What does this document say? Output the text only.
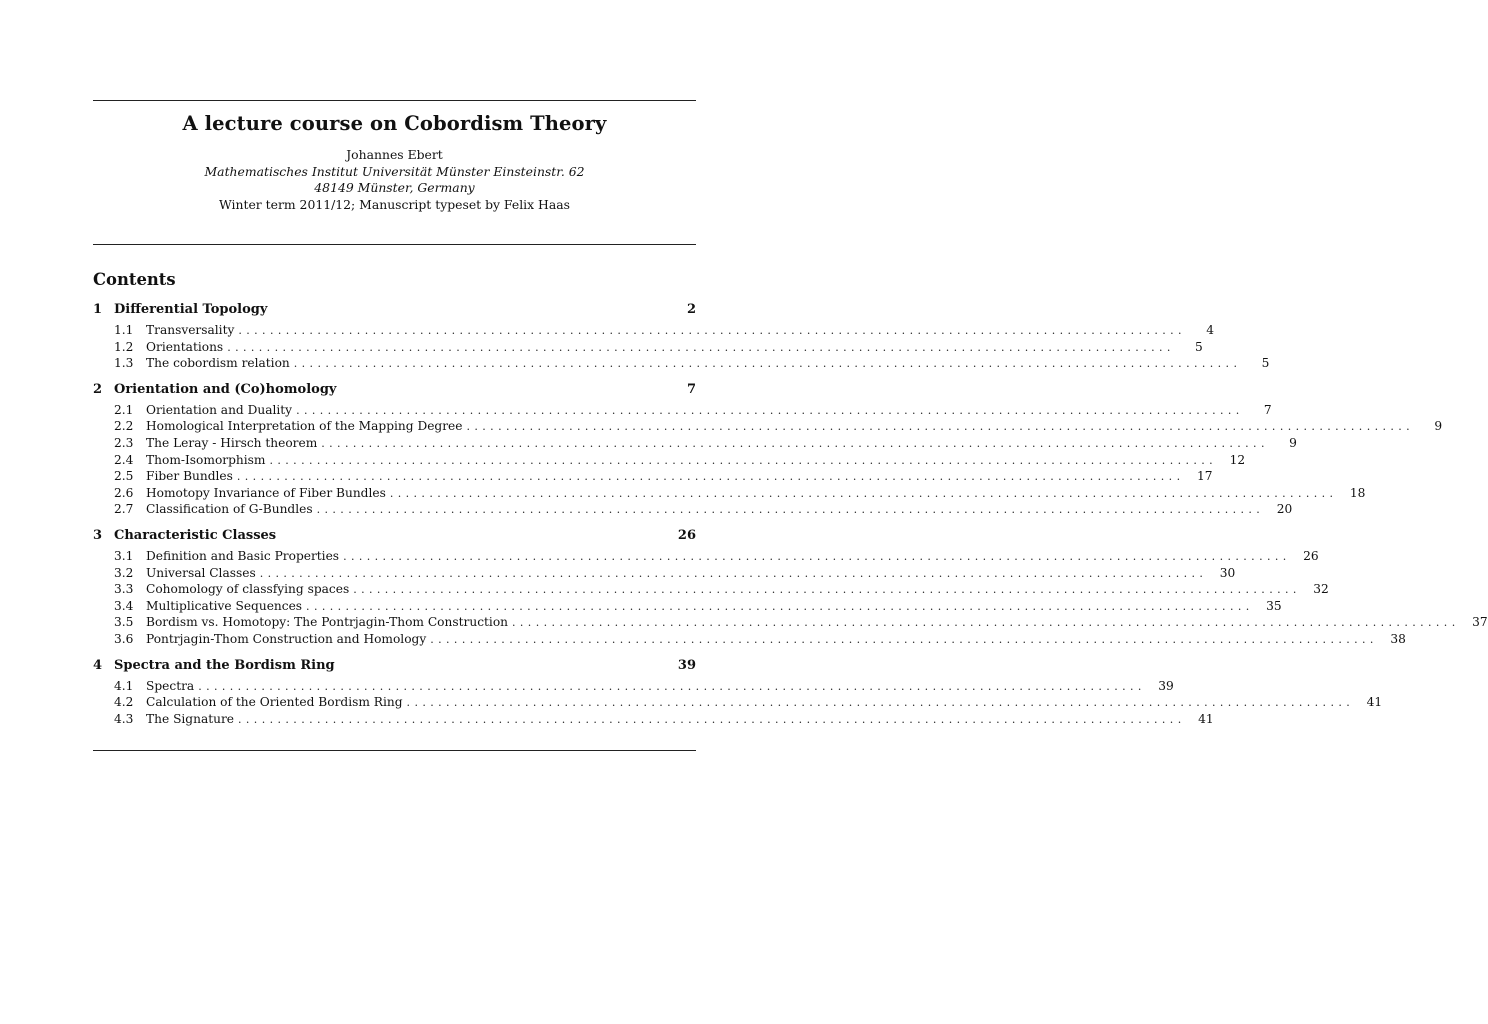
A lecture course on Cobordism Theory
Johannes Ebert
Mathematisches Institut Universität Münster Einsteinstr. 62
48149 Münster, Germany
Winter term 2011/12; Manuscript typeset by Felix Haas
Contents
1 Differential Topology	2
1.1	Transversality ........................................................................................................................	4
1.2	Orientations ........................................................................................................................	5
1.3	The cobordism relation ........................................................................................................................	5
2 Orientation and (Co)homology	7
2.1	Orientation and Duality ........................................................................................................................	7
2.2	Homological Interpretation of the Mapping Degree ........................................................................................................................	9
2.3	The Leray - Hirsch theorem ........................................................................................................................	9
2.4	Thom-Isomorphism ........................................................................................................................	12
2.5	Fiber Bundles ........................................................................................................................	17
2.6	Homotopy Invariance of Fiber Bundles ........................................................................................................................	18
2.7	Classification of G-Bundles ........................................................................................................................	20
3 Characteristic Classes	26
3.1	Definition and Basic Properties ........................................................................................................................	26
3.2	Universal Classes ........................................................................................................................	30
3.3	Cohomology of classfying spaces ........................................................................................................................	32
3.4	Multiplicative Sequences ........................................................................................................................	35
3.5	Bordism vs. Homotopy: The Pontrjagin-Thom Construction ........................................................................................................................	37
3.6	Pontrjagin-Thom Construction and Homology ........................................................................................................................	38
4 Spectra and the Bordism Ring	39
4.1	Spectra ........................................................................................................................	39
4.2	Calculation of the Oriented Bordism Ring ........................................................................................................................	41
4.3	The Signature ........................................................................................................................	41
